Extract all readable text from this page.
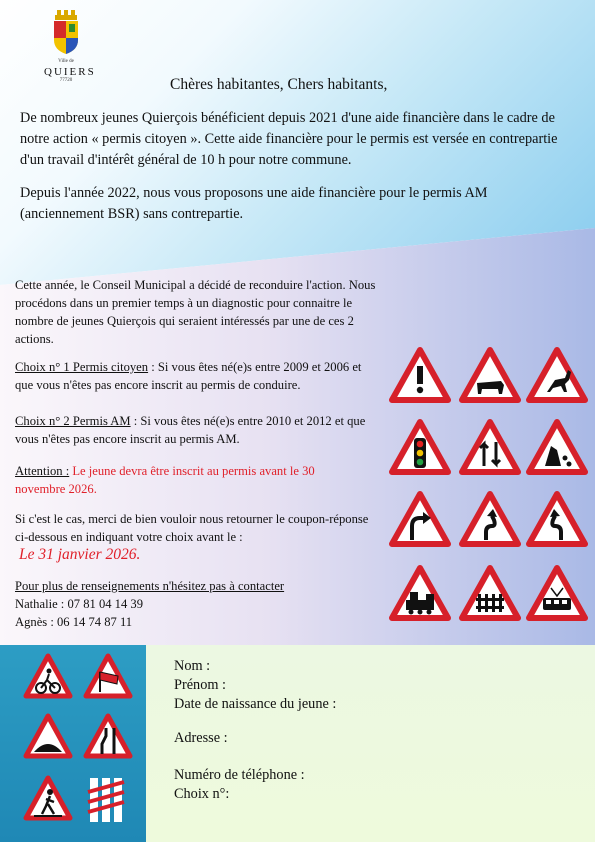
Ville de
QUIERS
77720	Chères habitantes, Chers habitants,
De nombreux jeunes Quierçois bénéficient depuis 2021 d'une aide financière dans le cadre de notre action « permis citoyen ». Cette aide financière pour le permis est versée en contrepartie d'un travail d'intérêt général de 10 h pour notre commune.
Depuis l'année 2022, nous vous proposons une aide financière pour le permis AM (anciennement BSR) sans contrepartie.
Cette année, le Conseil Municipal a décidé de reconduire l'action. Nous procédons dans un premier temps à un diagnostic pour connaitre le nombre de jeunes Quierçois qui seraient intéressés par une de ces 2 actions.
Choix n° 1 Permis citoyen : Si vous êtes né(e)s entre 2009 et 2006 et que vous n'êtes pas encore inscrit au permis de conduire.
Choix n° 2 Permis AM : Si vous êtes né(e)s entre 2010 et 2012 et que vous n'êtes pas encore inscrit au permis AM.
Attention : Le jeune devra être inscrit au permis avant le 30 novembre 2026.
Si c'est le cas, merci de bien vouloir nous retourner le coupon-réponse ci-dessous en indiquant votre choix avant le :
Le 31 janvier 2026.
Pour plus de renseignements n'hésitez pas à contacter
Nathalie : 07 81 04 14 39
Agnès : 06 14 74 87 11
Nom :
Prénom :
Date de naissance du jeune :
Adresse :
Numéro de téléphone :
Choix n°:
